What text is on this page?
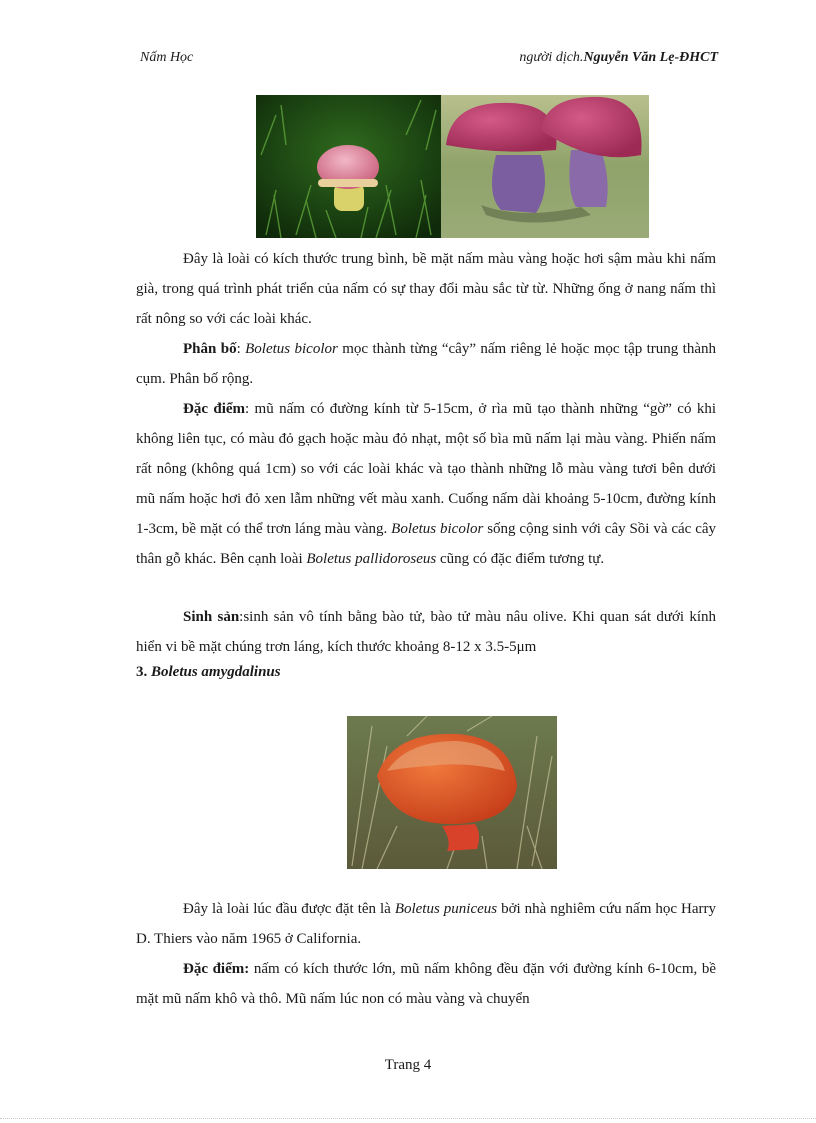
Nấm Học	người dịch.Nguyễn Văn Lẹ-ĐHCT

Đây là loài có kích thước trung bình, bề mặt nấm màu vàng hoặc hơi sậm màu khi nấm già, trong quá trình phát triển của nấm có sự thay đổi màu sắc từ từ. Những ống ở nang nấm thì rất nông so với các loài khác.

Phân bố: Boletus bicolor mọc thành từng “cây” nấm riêng lẻ hoặc mọc tập trung thành cụm. Phân bố rộng.

Đặc điểm: mũ nấm có đường kính từ 5-15cm, ở rìa mũ tạo thành những “gờ” có khi không liên tục, có màu đỏ gạch hoặc màu đỏ nhạt, một số bìa mũ nấm lại màu vàng. Phiến nấm rất nông (không quá 1cm) so với các loài khác và tạo thành những lỗ màu vàng tươi bên dưới mũ nấm hoặc hơi đỏ xen lẫm những vết màu xanh. Cuống nấm dài khoảng 5-10cm, đường kính 1-3cm, bề mặt có thể trơn láng màu vàng. Boletus bicolor sống cộng sinh với cây Sồi và các cây thân gỗ khác. Bên cạnh loài Boletus pallidoroseus cũng có đặc điểm tương tự.

Sinh sản:sinh sản vô tính bằng bào tử, bào tử màu nâu olive. Khi quan sát dưới kính hiển vi bề mặt chúng trơn láng, kích thước khoảng 8-12 x 3.5-5μm

3. Boletus amygdalinus

Đây là loài lúc đầu được đặt tên là Boletus puniceus bởi nhà nghiêm cứu nấm học Harry D. Thiers vào năm 1965 ở California.

Đặc điểm: nấm có kích thước lớn, mũ nấm không đều đặn với đường kính 6-10cm, bề mặt mũ nấm khô và thô. Mũ nấm lúc non có màu vàng và chuyển

Trang 4
